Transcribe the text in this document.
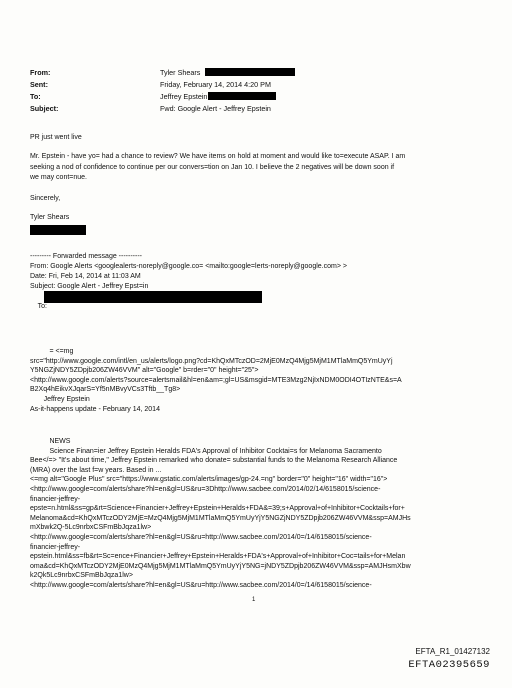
From:	Tyler Shears
Sent:	Friday, February 14, 2014 4:20 PM
To:	Jeffrey Epstein
Subject:	Fwd: Google Alert - Jeffrey Epstein
PR just went live
Mr. Epstein - have yo= had a chance to review? We have items on hold at moment and would like to=execute ASAP. I am
seeking a nod of confidence to continue per our convers=tion on Jan 10. I believe the 2 negatives will be down soon if
we may cont=nue.
Sincerely,
Tyler Shears
--------- Forwarded message ----------
From: Google Alerts <googlealerts-noreply@google.co= <mailto:google=lerts-noreply@google.com> >
Date: Fri, Feb 14, 2014 at 11:03 AM
Subject: Google Alert - Jeffrey Epst=in

To:

= <=mg
src="http://www.google.com/intl/en_us/alerts/logo.png?cd=KhQxMTczOD=2MjE0MzQ4Mjg5MjM1MTlaMmQ5YmUyYj
Y5NGZjNDY5ZDpjb206ZW46VVM" alt="Google" b=rder="0" height="25">
<http://www.google.com/alerts?source=alertsmail&hl=en&am=;gl=US&msgid=MTE3Mzg2NjIxNDM0ODI4OTIzNTE&s=A
B2Xq4hEikvXJqarS=Yf5nMBvyVCs3Tftb__Tg8>
Jeffrey Epstein
As-it-happens update - February 14, 2014
NEWS
Science Finan=ier Jeffrey Epstein Heralds FDA's Approval of Inhibitor Cocktai=s for Melanoma Sacramento
Bee</=> "It's about time," Jeffrey Epstein remarked who donate= substantial funds to the Melanoma Research Alliance
(MRA) over the last f=w years. Based in ...
<=mg alt="Google Plus" src="https://www.gstatic.com/alerts/images/gp-24.=ng" border="0" height="16" width="16">
<http://www.google=com/alerts/share?hl=en&gl=US&ru=3Dhttp://www.sacbee.com/2014/02/14/6158015/science-
financier-jeffrey-
epste=n.html&ss=gp&rt=Science+Financier+Jeffrey+Epstein+Heralds+FDA&=39;s+Approval+of+Inhibitor+Cocktails+for+
Melanoma&cd=KhQxMTczODY2MjE=MzQ4Mjg5MjM1MTlaMmQ5YmUyYjY5NGZjNDY5ZDpjb206ZW46VVM&ssp=AMJHs
mXbwk2Q-5Lc9nrbxCSFmBbJqza1lw>
<http://www.google=com/alerts/share?hl=en&gl=US&ru=http://www.sacbee.com/2014/0=/14/6158015/science-
financier-jeffrey-
epstein.html&ss=fb&rt=Sc=ence+Financier+Jeffrey+Epstein+Heralds+FDA's+Approval+of+Inhibitor+Coc=tails+for+Melan
oma&cd=KhQxMTczODY2MjE0MzQ4Mjg5MjM1MTlaMmQ5YmUyYjY5NG=jNDY5ZDpjb206ZW46VVM&ssp=AMJHsmXbw
k2Qk5Lc9nrbxCSFmBbJqza1lw>
<http://www.google=com/alerts/share?hl=en&gl=US&ru=http://www.sacbee.com/2014/0=/14/6158015/science-
1
EFTA_R1_01427132
EFTA02395659
